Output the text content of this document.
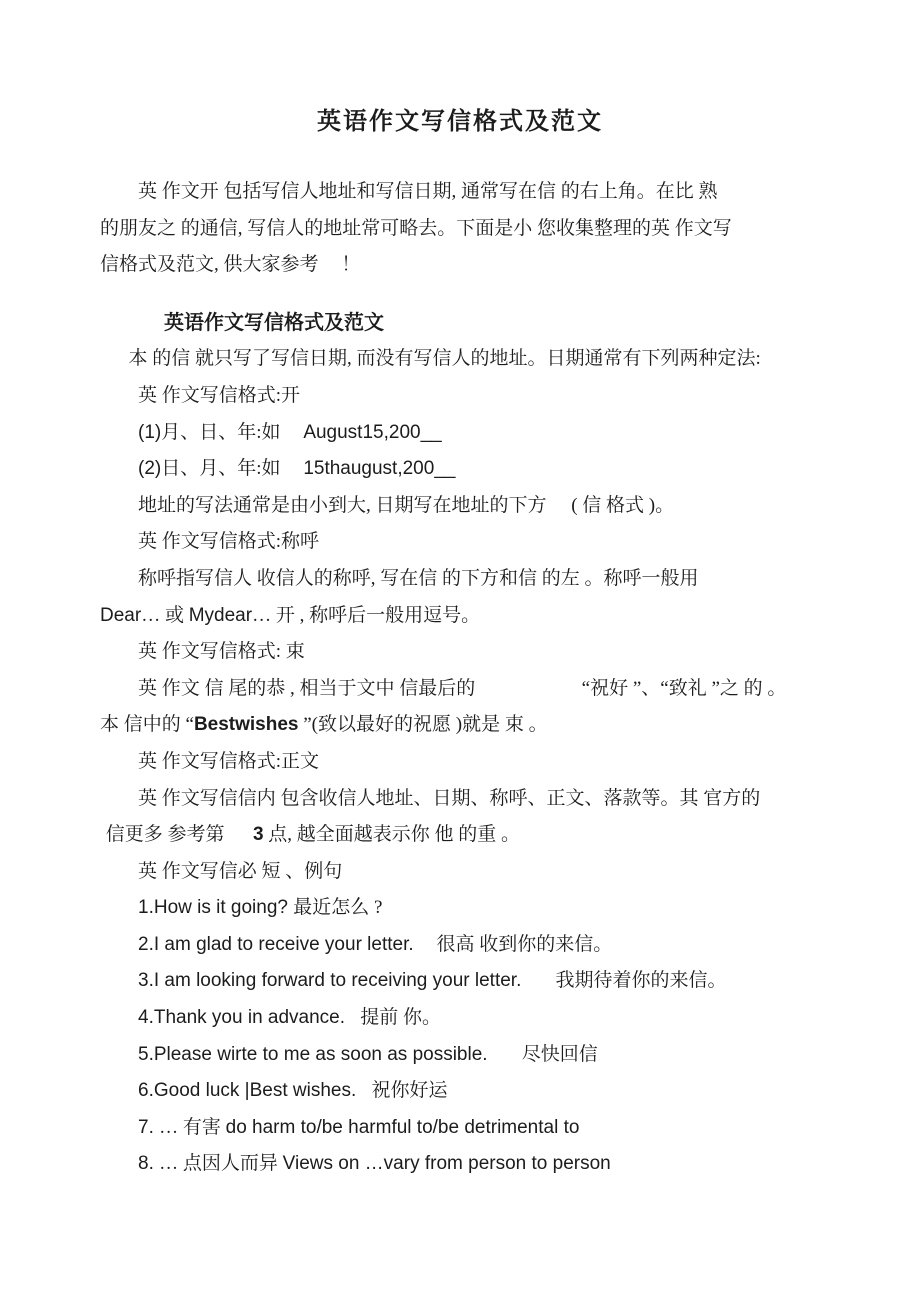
英语作文写信格式及范文

英 作文开 包括写信人地址和写信日期, 通常写在信 的右上角。在比 熟

的朋友之 的通信, 写信人的地址常可略去。下面是小 您收集整理的英 作文写

信格式及范文, 供大家参考 ！

英语作文写信格式及范文

本 的信 就只写了写信日期, 而没有写信人的地址。日期通常有下列两种定法:

英 作文写信格式:开

(1)月、日、年:如 August15,200__

(2)日、月、年:如 15thaugust,200__

地址的写法通常是由小到大, 日期写在地址的下方 ( 信 格式 )。

英 作文写信格式:称呼

称呼指写信人 收信人的称呼, 写在信 的下方和信 的左 。称呼一般用

Dear… 或 Mydear… 开 , 称呼后一般用逗号。

英 作文写信格式: 束

英 作文 信 尾的恭 , 相当于文中 信最后的	“祝好 ”、“致礼 ”之 的 。

本 信中的 “Bestwishes ”(致以最好的祝愿 )就是 束 。

英 作文写信格式:正文

英 作文写信信内 包含收信人地址、日期、称呼、正文、落款等。其 官方的

信更多 参考第 3 点, 越全面越表示你 他 的重 。

英 作文写信必 短 、例句

1.How is it going? 最近怎么 ?

2.I am glad to receive your letter. 很高 收到你的来信。

3.I am looking forward to receiving your letter. 我期待着你的来信。

4.Thank you in advance. 提前 你。

5.Please wirte to me as soon as possible. 尽快回信

6.Good luck |Best wishes. 祝你好运

7. … 有害 do harm to/be harmful to/be detrimental to

8. … 点因人而异 Views on …vary from person to person
